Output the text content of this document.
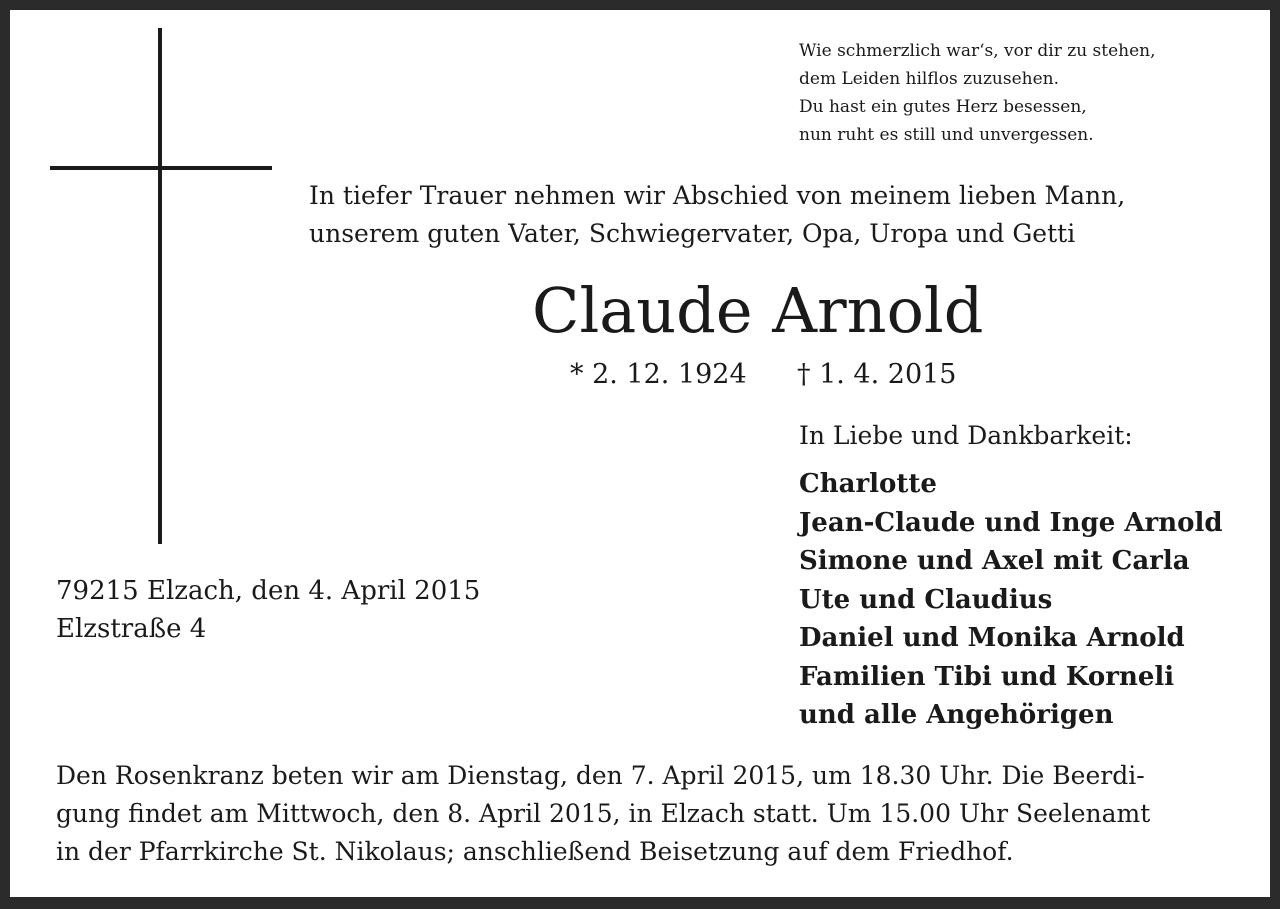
Wie schmerzlich war‘s, vor dir zu stehen,
dem Leiden hilflos zuzusehen.
Du hast ein gutes Herz besessen,
nun ruht es still und unvergessen.
In tiefer Trauer nehmen wir Abschied von meinem lieben Mann,
unserem guten Vater, Schwiegervater, Opa, Uropa und Getti
Claude Arnold
* 2. 12. 1924 † 1. 4. 2015
In Liebe und Dankbarkeit:
Charlotte
Jean-Claude und Inge Arnold
Simone und Axel mit Carla
Ute und Claudius
Daniel und Monika Arnold
Familien Tibi und Korneli
und alle Angehörigen
79215 Elzach, den 4. April 2015
Elzstraße 4
Den Rosenkranz beten wir am Dienstag, den 7. April 2015, um 18.30 Uhr. Die Beerdi-
gung findet am Mittwoch, den 8. April 2015, in Elzach statt. Um 15.00 Uhr Seelenamt
in der Pfarrkirche St. Nikolaus; anschließend Beisetzung auf dem Friedhof.
